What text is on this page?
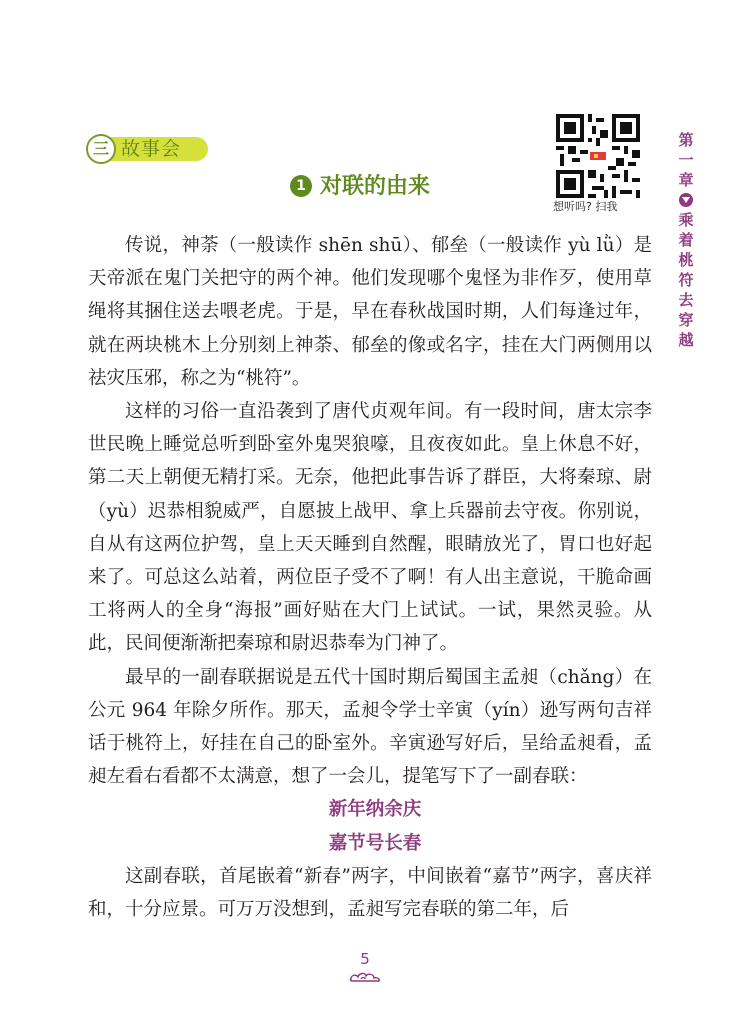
三 故事会
1 对联的由来
想听吗? 扫我
第一章
乘着桃符去穿越

传说，神荼（一般读作 shēn shū）、郁垒（一般读作 yù lǜ）是天帝派在鬼门关把守的两个神。他们发现哪个鬼怪为非作歹，使用草绳将其捆住送去喂老虎。于是，早在春秋战国时期，人们每逢过年，就在两块桃木上分别刻上神荼、郁垒的像或名字，挂在大门两侧用以祛灾压邪，称之为“桃符”。

这样的习俗一直沿袭到了唐代贞观年间。有一段时间，唐太宗李世民晚上睡觉总听到卧室外鬼哭狼嚎，且夜夜如此。皇上休息不好，第二天上朝便无精打采。无奈，他把此事告诉了群臣，大将秦琼、尉（yù）迟恭相貌威严，自愿披上战甲、拿上兵器前去守夜。你别说，自从有这两位护驾，皇上天天睡到自然醒，眼睛放光了，胃口也好起来了。可总这么站着，两位臣子受不了啊！有人出主意说，干脆命画工将两人的全身“海报”画好贴在大门上试试。一试，果然灵验。从此，民间便渐渐把秦琼和尉迟恭奉为门神了。

最早的一副春联据说是五代十国时期后蜀国主孟昶（chǎng）在公元 964 年除夕所作。那天，孟昶令学士辛寅（yín）逊写两句吉祥话于桃符上，好挂在自己的卧室外。辛寅逊写好后，呈给孟昶看，孟昶左看右看都不太满意，想了一会儿，提笔写下了一副春联：

新年纳余庆

嘉节号长春

这副春联，首尾嵌着“新春”两字，中间嵌着“嘉节”两字，喜庆祥和，十分应景。可万万没想到，孟昶写完春联的第二年，后

5
